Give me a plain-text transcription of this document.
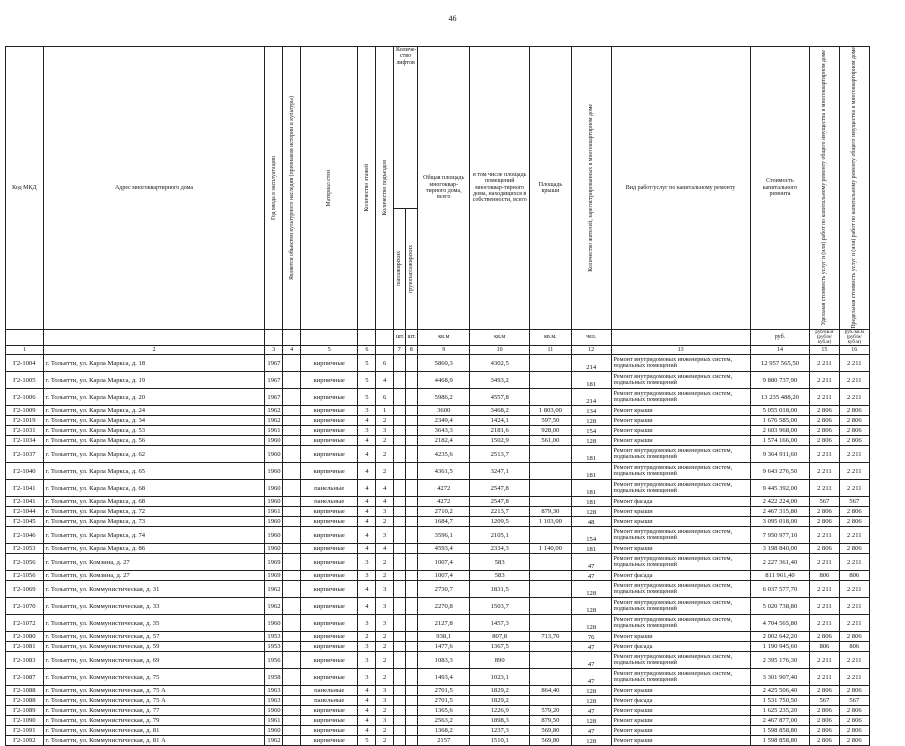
46
Код МКД	Адрес многоквартирного дома	Год ввода в эксплуатацию	Является объектом культурного наследия (признаком истории и культуры)	Материал стен	Количество этажей	Количество подъездов	Количе-ство лифтов		Общая площадь многоквар-тирного дома, всего	в том числе площадь помещений многоквар-тирного дома, находящихся в собственности, всего	Площадь крыши	Количество жителей, зарегистрированных в многоквартирном доме	Вид работ/услуг по капитальному ремонту	Стоимость капитального ремонта	Удельная стоимость услуг и (или) работ по капитальному ремонту общего имущества в многоквартирном доме	Предельная стоимость услуг и (или) работ по капитальному ремонту общего имущества в многоквартирном доме

							пассажирских	грузопассажирских								

							шт.	шт.	кв.м	кв.м	кв.м.	чел.		руб.	руб/кв.м (руб/м/куб.м)	руб./кв.м (руб/м/куб.м)
1	2	3	4	5	6		7	8	9	10	11	12	13	14	15	16
Г2-1004	г. Тольятти, ул. Карла Маркса, д. 18	1967		кирпичные	5	6			5860,3	4302,5		214	Ремонт внутридомовых инженерных систем, подвальных помещений	12 957 565,50	2 211	2 211
Г2-1005	г. Тольятти, ул. Карла Маркса, д. 19	1967		кирпичные	5	4			4468,9	3493,2		181	Ремонт внутридомовых инженерных систем, подвальных помещений	9 880 737,90	2 211	2 211
Г2-1006	г. Тольятти, ул. Карла Маркса, д. 20	1967		кирпичные	5	6			5986,2	4557,8		214	Ремонт внутридомовых инженерных систем, подвальных помещений	13 235 488,20	2 211	2 211
Г2-1009	г. Тольятти, ул. Карла Маркса, д. 24	1962		кирпичные	3	1			3600	3468,2	1 803,00	134	Ремонт крыши	5 055 018,00	2 806	2 806
Г2-1019	г. Тольятти, ул. Карла Маркса, д. 34	1962		кирпичные	4	2			2349,4	1424,1	597,50	128	Ремонт крыши	1 676 585,00	2 806	2 806
Г2-1031	г. Тольятти, ул. Карла Маркса, д. 53	1961		кирпичные	3	3			3643,3	2181,6	928,00	154	Ремонт крыши	2 603 968,00	2 806	2 806
Г2-1034	г. Тольятти, ул. Карла Маркса, д. 56	1960		кирпичные	4	2			2182,4	1502,9	561,00	128	Ремонт крыши	1 574 166,00	2 806	2 806
Г2-1037	г. Тольятти, ул. Карла Маркса, д. 62	1960		кирпичные	4	2			4235,6	2513,7		181	Ремонт внутридомовых инженерных систем, подвальных помещений	9 364 911,60	2 211	2 211
Г2-1040	г. Тольятти, ул. Карла Маркса, д. 65	1960		кирпичные	4	2			4361,5	3247,1		181	Ремонт внутридомовых инженерных систем, подвальных помещений	9 643 276,50	2 211	2 211
Г2-1041	г. Тольятти, ул. Карла Маркса, д. 68	1960		панельные	4	4			4272	2547,8		181	Ремонт внутридомовых инженерных систем, подвальных помещений	9 445 392,00	2 211	2 211
Г2-1041	г. Тольятти, ул. Карла Маркса, д. 68	1960		панельные	4	4			4272	2547,8		181	Ремонт фасада	2 422 224,00	567	567
Г2-1044	г. Тольятти, ул. Карла Маркса, д. 72	1961		кирпичные	4	3			2710,2	2213,7	879,30	128	Ремонт крыши	2 467 315,80	2 806	2 806
Г2-1045	г. Тольятти, ул. Карла Маркса, д. 73	1960		кирпичные	4	2			1684,7	1209,5	1 103,00	48	Ремонт крыши	3 095 018,00	2 806	2 806
Г2-1046	г. Тольятти, ул. Карла Маркса, д. 74	1960		кирпичные	4	3			3596,1	2105,1		154	Ремонт внутридомовых инженерных систем, подвальных помещений	7 950 977,10	2 211	2 211
Г2-1053	г. Тольятти, ул. Карла Маркса, д. 86	1960		кирпичные	4	4			4593,4	2334,3	1 140,00	181	Ремонт крыши	3 198 840,00	2 806	2 806
Г2-1056	г. Тольятти, ул. Комзина, д. 27	1969		кирпичные	3	2			1007,4	583		47	Ремонт внутридомовых инженерных систем, подвальных помещений	2 227 361,40	2 211	2 211
Г2-1056	г. Тольятти, ул. Комзина, д. 27	1969		кирпичные	3	2			1007,4	583		47	Ремонт фасада	811 961,40	806	806
Г2-1069	г. Тольятти, ул. Коммунистическая, д. 31	1962		кирпичные	4	3			2730,7	1831,5		128	Ремонт внутридомовых инженерных систем, подвальных помещений	6 037 577,70	2 211	2 211
Г2-1070	г. Тольятти, ул. Коммунистическая, д. 33	1962		кирпичные	4	3			2270,8	1503,7		128	Ремонт внутридомовых инженерных систем, подвальных помещений	5 020 738,80	2 211	2 211
Г2-1072	г. Тольятти, ул. Коммунистическая, д. 35	1960		кирпичные	3	3			2127,8	1457,3		128	Ремонт внутридомовых инженерных систем, подвальных помещений	4 704 565,80	2 211	2 211
Г2-1080	г. Тольятти, ул. Коммунистическая, д. 57	1953		кирпичные	2	2			938,1	807,8	713,70	76	Ремонт крыши	2 002 642,20	2 806	2 806
Г2-1081	г. Тольятти, ул. Коммунистическая, д. 59	1953		кирпичные	3	2			1477,6	1367,5		47	Ремонт фасада	1 190 945,60	806	806
Г2-1083	г. Тольятти, ул. Коммунистическая, д. 69	1956		кирпичные	3	2			1083,3	890		47	Ремонт внутридомовых инженерных систем, подвальных помещений	2 395 176,30	2 211	2 211
Г2-1087	г. Тольятти, ул. Коммунистическая, д. 75	1958		кирпичные	3	2			1493,4	1023,1		47	Ремонт внутридомовых инженерных систем, подвальных помещений	3 301 907,40	2 211	2 211
Г2-1088	г. Тольятти, ул. Коммунистическая, д. 75 А	1963		панельные	4	3			2701,5	1829,2	864,40	128	Ремонт крыши	2 425 506,40	2 806	2 806
Г2-1088	г. Тольятти, ул. Коммунистическая, д. 75 А	1963		панельные	4	3			2701,5	1829,2		128	Ремонт фасада	1 531 750,50	567	567
Г2-1089	г. Тольятти, ул. Коммунистическая, д. 77	1960		кирпичные	4	2			1365,6	1226,9	579,20	47	Ремонт крыши	1 625 235,20	2 806	2 806
Г2-1090	г. Тольятти, ул. Коммунистическая, д. 79	1961		кирпичные	4	3			2563,2	1898,3	879,50	128	Ремонт крыши	2 467 877,00	2 806	2 806
Г2-1091	г. Тольятти, ул. Коммунистическая, д. 81	1960		кирпичные	4	2			1368,2	1237,3	569,80	47	Ремонт крыши	1 598 858,80	2 806	2 806
Г2-1092	г. Тольятти, ул. Коммунистическая, д. 81 А	1962		кирпичные	5	2			2157	1510,1	569,80	128	Ремонт крыши	1 598 858,80	2 806	2 806
